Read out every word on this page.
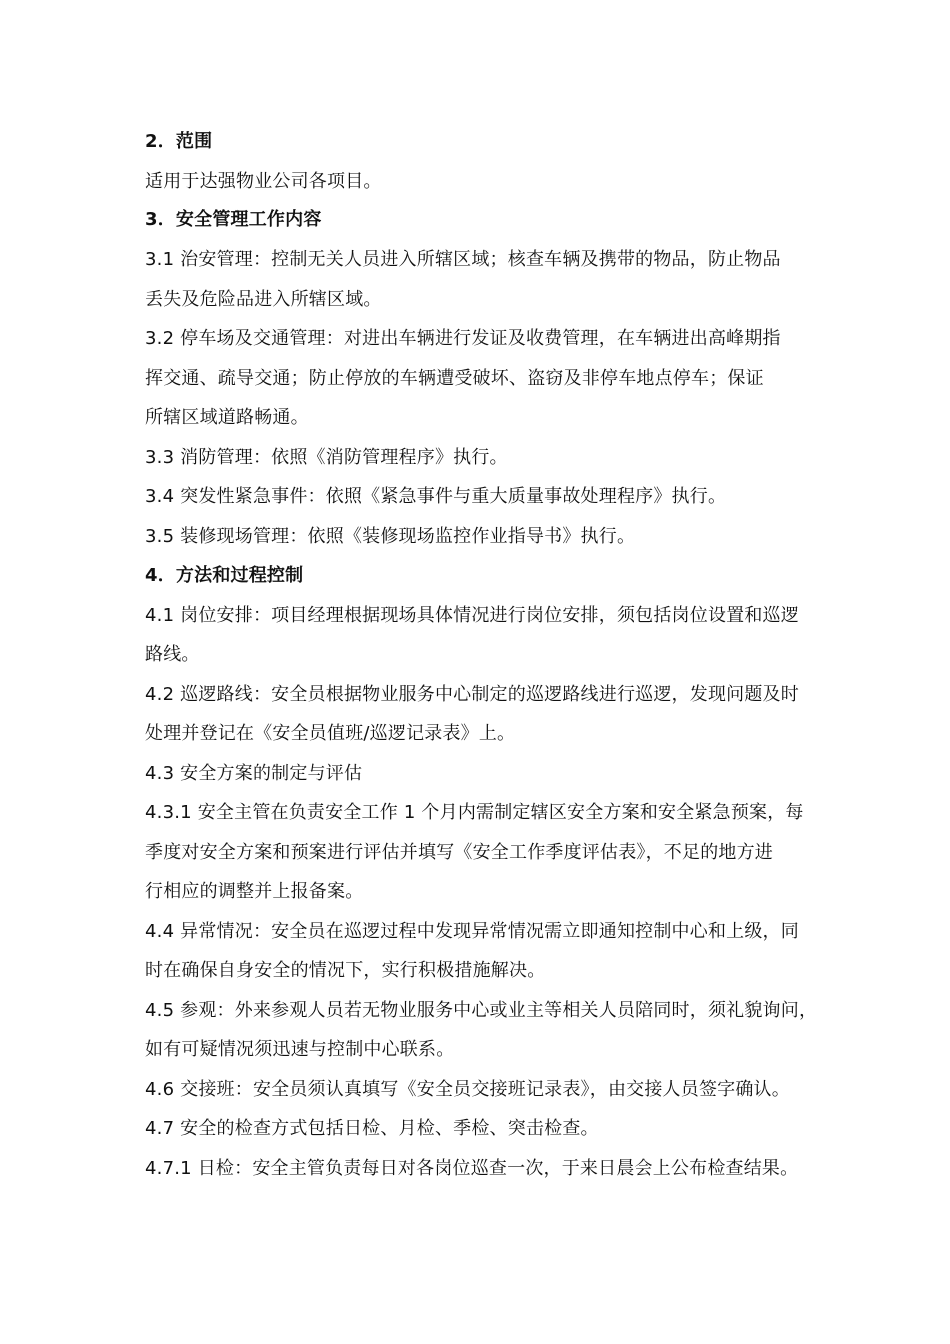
2．范围
适用于达强物业公司各项目。
3．安全管理工作内容
3.1 治安管理：控制无关人员进入所辖区域；核查车辆及携带的物品，防止物品
丢失及危险品进入所辖区域。
3.2 停车场及交通管理：对进出车辆进行发证及收费管理，在车辆进出高峰期指
挥交通、疏导交通；防止停放的车辆遭受破坏、盗窃及非停车地点停车；保证
所辖区域道路畅通。
3.3 消防管理：依照《消防管理程序》执行。
3.4 突发性紧急事件：依照《紧急事件与重大质量事故处理程序》执行。
3.5 装修现场管理：依照《装修现场监控作业指导书》执行。
4．方法和过程控制
4.1 岗位安排：项目经理根据现场具体情况进行岗位安排，须包括岗位设置和巡逻
路线。
4.2 巡逻路线：安全员根据物业服务中心制定的巡逻路线进行巡逻，发现问题及时
处理并登记在《安全员值班/巡逻记录表》上。
4.3 安全方案的制定与评估
4.3.1 安全主管在负责安全工作 1 个月内需制定辖区安全方案和安全紧急预案，每
季度对安全方案和预案进行评估并填写《安全工作季度评估表》，不足的地方进
行相应的调整并上报备案。
4.4 异常情况：安全员在巡逻过程中发现异常情况需立即通知控制中心和上级，同
时在确保自身安全的情况下，实行积极措施解决。
4.5 参观：外来参观人员若无物业服务中心或业主等相关人员陪同时，须礼貌询问，
如有可疑情况须迅速与控制中心联系。
4.6 交接班：安全员须认真填写《安全员交接班记录表》，由交接人员签字确认。
4.7 安全的检查方式包括日检、月检、季检、突击检查。
4.7.1 日检：安全主管负责每日对各岗位巡查一次，于来日晨会上公布检查结果。
